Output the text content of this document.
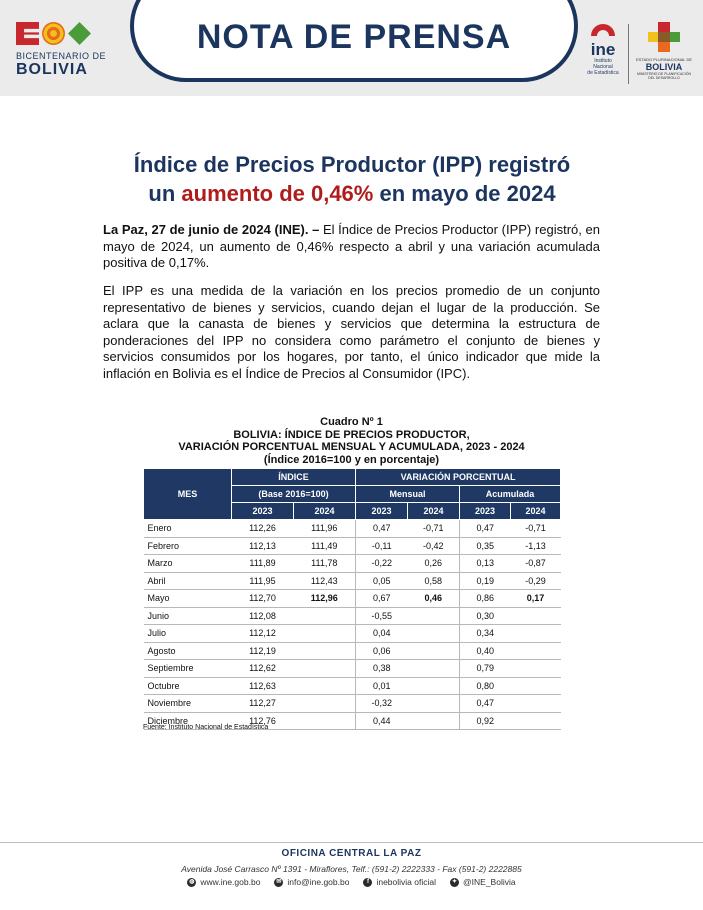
NOTA DE PRENSA
BICENTENARIO DE
BOLIVIA
ine
Instituto Nacional
de Estadística
ESTADO PLURINACIONAL DE
BOLIVIA
MINISTERIO DE PLANIFICACIÓN DEL DESARROLLO
Índice de Precios Productor (IPP) registró
un aumento de 0,46% en mayo de 2024

La Paz, 27 de junio de 2024 (INE). – El Índice de Precios Productor (IPP) registró, en mayo de 2024, un aumento de 0,46% respecto a abril y una variación acumulada positiva de 0,17%.

El IPP es una medida de la variación en los precios promedio de un conjunto representativo de bienes y servicios, cuando dejan el lugar de la producción. Se aclara que la canasta de bienes y servicios que determina la estructura de ponderaciones del IPP no considera como parámetro el conjunto de bienes y servicios consumidos por los hogares, por tanto, el único indicador que mide la inflación en Bolivia es el Índice de Precios al Consumidor (IPC).

Cuadro Nº 1
BOLIVIA: ÍNDICE DE PRECIOS PRODUCTOR,
VARIACIÓN PORCENTUAL MENSUAL Y ACUMULADA, 2023 - 2024
(Índice 2016=100 y en porcentaje)
MES	ÍNDICE		VARIACIÓN PORCENTUAL			
	(Base 2016=100)		Mensual		Acumulada	
	2023	2024	2023	2024	2023	2024
Enero	112,26	111,96	0,47	-0,71	0,47	-0,71
Febrero	112,13	111,49	-0,11	-0,42	0,35	-1,13
Marzo	111,89	111,78	-0,22	0,26	0,13	-0,87
Abril	111,95	112,43	0,05	0,58	0,19	-0,29
Mayo	112,70	112,96	0,67	0,46	0,86	0,17
Junio	112,08		-0,55		0,30	
Julio	112,12		0,04		0,34	
Agosto	112,19		0,06		0,40	
Septiembre	112,62		0,38		0,79	
Octubre	112,63		0,01		0,80	
Noviembre	112,27		-0,32		0,47	
Diciembre	112,76		0,44		0,92	
Fuente: Instituto Nacional de Estadística
OFICINA CENTRAL LA PAZ
Avenida José Carrasco Nº 1391 - Miraflores, Telf.: (591-2) 2222333 - Fax (591-2) 2222885
◍ www.ine.gob.bo	✉ info@ine.gob.bo	f inebolivia oficial	✦ @INE_Bolivia
